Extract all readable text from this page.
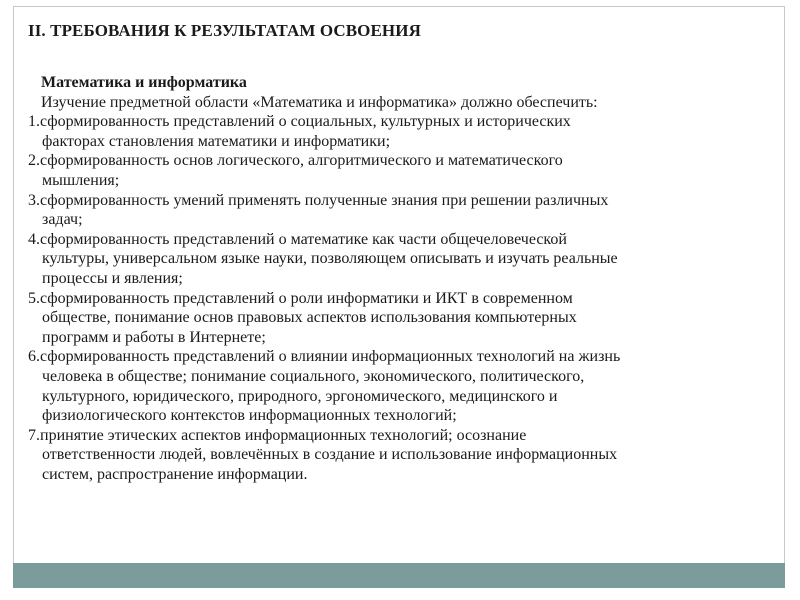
II. ТРЕБОВАНИЯ К РЕЗУЛЬТАТАМ ОСВОЕНИЯ
Математика и информатика
Изучение предметной области «Математика и информатика» должно обеспечить:
1. сформированность представлений о социальных, культурных и исторических
факторах становления математики и информатики;
2. сформированность основ логического, алгоритмического и математического
мышления;
3. сформированность умений применять полученные знания при решении различных
задач;
4. сформированность представлений о математике как части общечеловеческой
культуры, универсальном языке науки, позволяющем описывать и изучать реальные
процессы и явления;
5. сформированность представлений о роли информатики и ИКТ в современном
обществе, понимание основ правовых аспектов использования компьютерных
программ и работы в Интернете;
6. сформированность представлений о влиянии информационных технологий на жизнь
человека в обществе; понимание социального, экономического, политического,
культурного, юридического, природного, эргономического, медицинского и
физиологического контекстов информационных технологий;
7. принятие этических аспектов информационных технологий; осознание
ответственности людей, вовлечённых в создание и использование информационных
систем, распространение информации.
